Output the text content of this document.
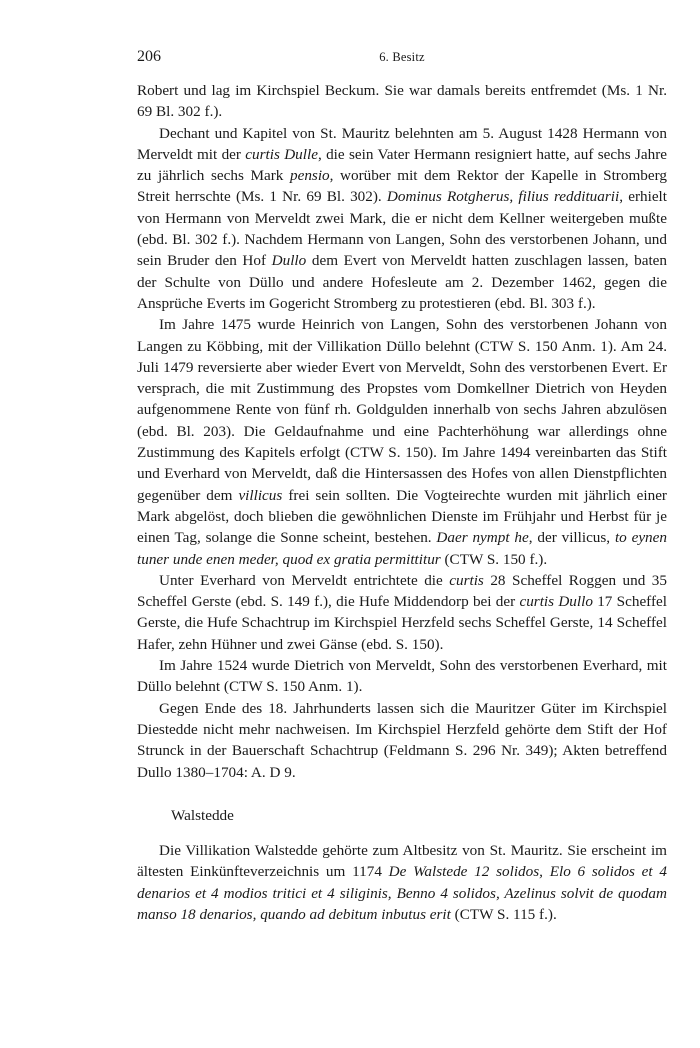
206	6. Besitz

Robert und lag im Kirchspiel Beckum. Sie war damals bereits entfremdet (Ms. 1 Nr. 69 Bl. 302 f.).

Dechant und Kapitel von St. Mauritz belehnten am 5. August 1428 Hermann von Merveldt mit der curtis Dulle, die sein Vater Hermann resigniert hatte, auf sechs Jahre zu jährlich sechs Mark pensio, worüber mit dem Rektor der Kapelle in Stromberg Streit herrschte (Ms. 1 Nr. 69 Bl. 302). Dominus Rotgherus, filius reddituarii, erhielt von Hermann von Merveldt zwei Mark, die er nicht dem Kellner weitergeben mußte (ebd. Bl. 302 f.). Nachdem Hermann von Langen, Sohn des verstorbenen Johann, und sein Bruder den Hof Dullo dem Evert von Merveldt hatten zuschlagen lassen, baten der Schulte von Düllo und andere Hofesleute am 2. Dezember 1462, gegen die Ansprüche Everts im Gogericht Stromberg zu protestieren (ebd. Bl. 303 f.).

Im Jahre 1475 wurde Heinrich von Langen, Sohn des verstorbenen Johann von Langen zu Köbbing, mit der Villikation Düllo belehnt (CTW S. 150 Anm. 1). Am 24. Juli 1479 reversierte aber wieder Evert von Merveldt, Sohn des verstorbenen Evert. Er versprach, die mit Zustimmung des Propstes vom Domkellner Dietrich von Heyden aufgenommene Rente von fünf rh. Goldgulden innerhalb von sechs Jahren abzulösen (ebd. Bl. 203). Die Geldaufnahme und eine Pachterhöhung war allerdings ohne Zustimmung des Kapitels erfolgt (CTW S. 150). Im Jahre 1494 vereinbarten das Stift und Everhard von Merveldt, daß die Hintersassen des Hofes von allen Dienstpflichten gegenüber dem villicus frei sein sollten. Die Vogteirechte wurden mit jährlich einer Mark abgelöst, doch blieben die gewöhnlichen Dienste im Frühjahr und Herbst für je einen Tag, solange die Sonne scheint, bestehen. Daer nympt he, der villicus, to eynen tuner unde enen meder, quod ex gratia permittitur (CTW S. 150 f.).

Unter Everhard von Merveldt entrichtete die curtis 28 Scheffel Roggen und 35 Scheffel Gerste (ebd. S. 149 f.), die Hufe Middendorp bei der curtis Dullo 17 Scheffel Gerste, die Hufe Schachtrup im Kirchspiel Herzfeld sechs Scheffel Gerste, 14 Scheffel Hafer, zehn Hühner und zwei Gänse (ebd. S. 150).

Im Jahre 1524 wurde Dietrich von Merveldt, Sohn des verstorbenen Everhard, mit Düllo belehnt (CTW S. 150 Anm. 1).

Gegen Ende des 18. Jahrhunderts lassen sich die Mauritzer Güter im Kirchspiel Diestedde nicht mehr nachweisen. Im Kirchspiel Herzfeld gehörte dem Stift der Hof Strunck in der Bauerschaft Schachtrup (Feldmann S. 296 Nr. 349); Akten betreffend Dullo 1380–1704: A. D 9.

Walstedde

Die Villikation Walstedde gehörte zum Altbesitz von St. Mauritz. Sie erscheint im ältesten Einkünfteverzeichnis um 1174 De Walstede 12 solidos, Elo 6 solidos et 4 denarios et 4 modios tritici et 4 siliginis, Benno 4 solidos, Azelinus solvit de quodam manso 18 denarios, quando ad debitum inbutus erit (CTW S. 115 f.).
